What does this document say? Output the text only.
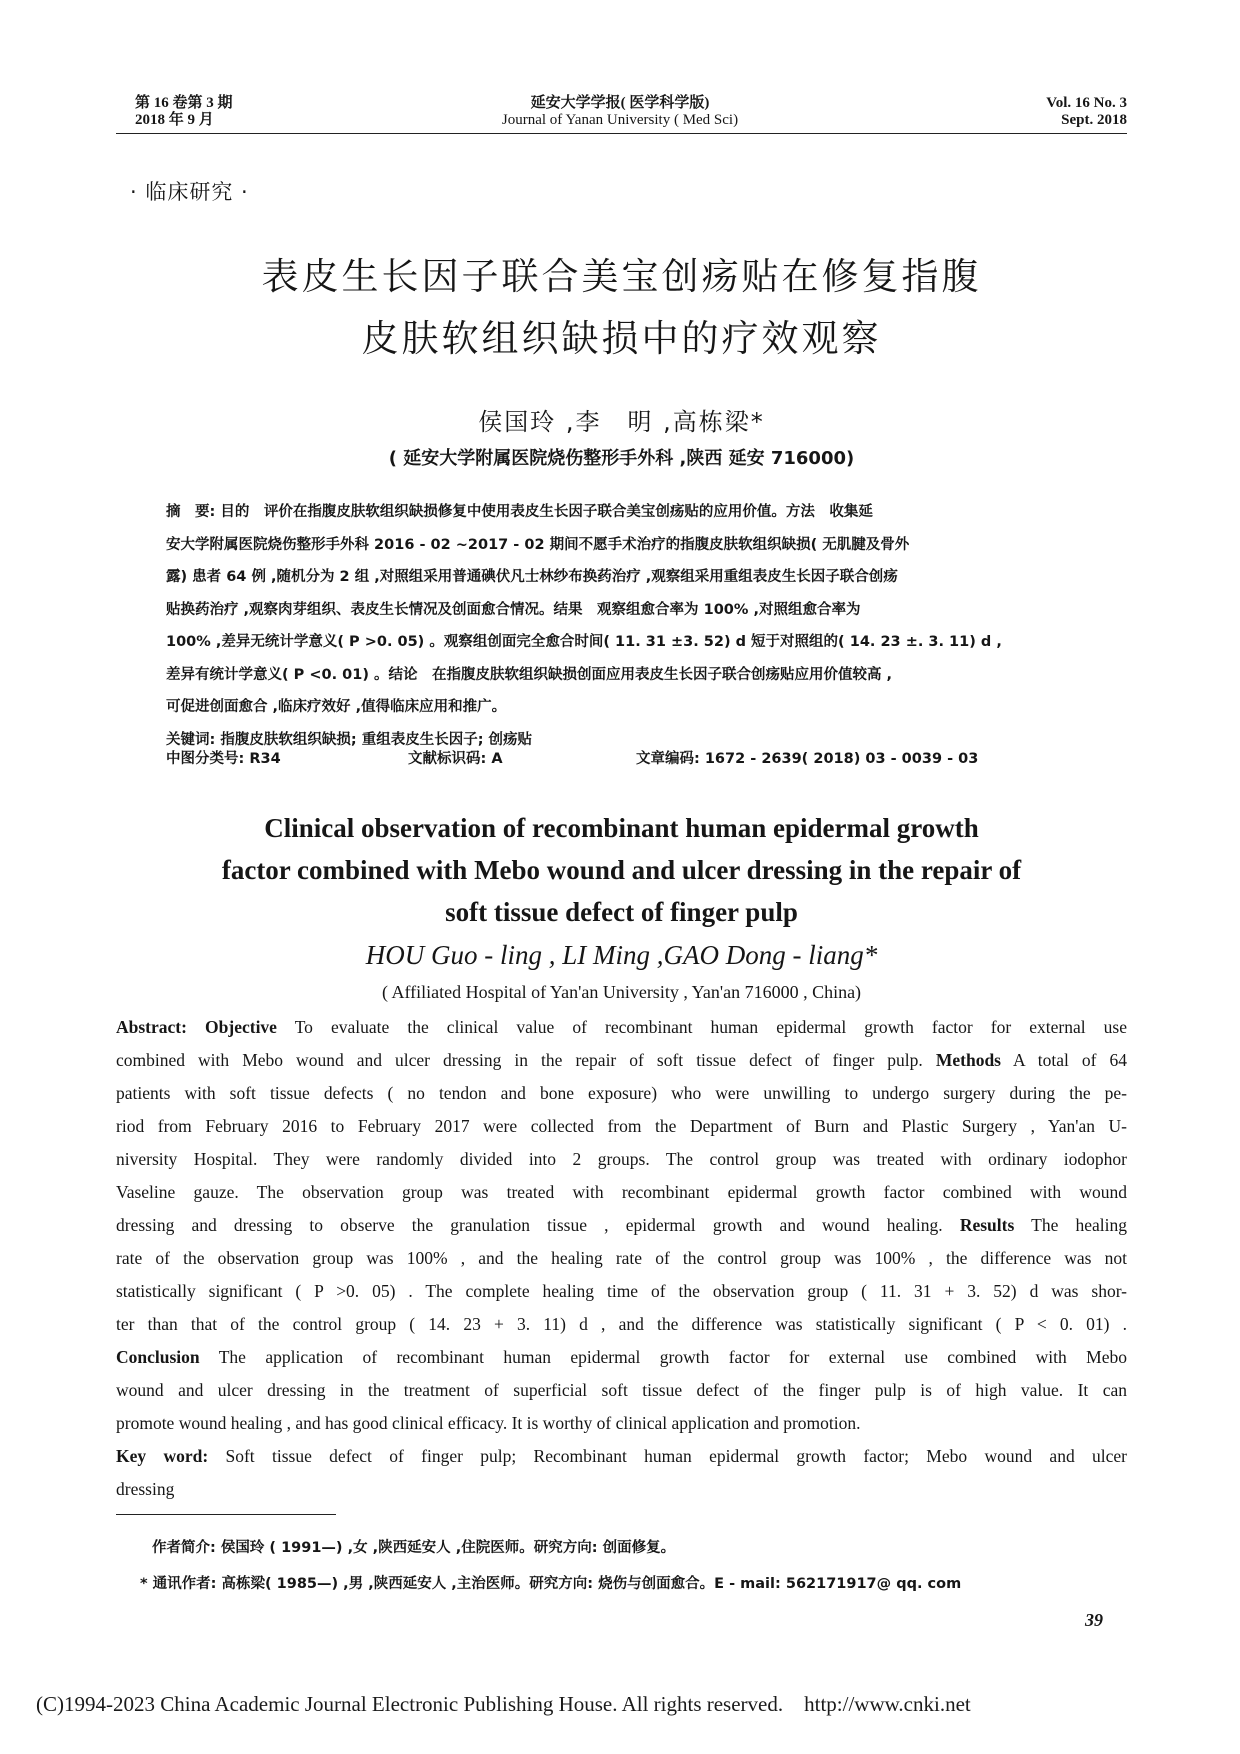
第 16 卷第 3 期
2018 年 9 月
延安大学学报( 医学科学版)
Journal of Yanan University ( Med Sci)
Vol. 16 No. 3
Sept. 2018
· 临床研究 ·
表皮生长因子联合美宝创疡贴在修复指腹
皮肤软组织缺损中的疗效观察
侯国玲 ,李　明 ,高栋梁*
( 延安大学附属医院烧伤整形手外科 ,陕西 延安 716000)
摘　要: 目的　评价在指腹皮肤软组织缺损修复中使用表皮生长因子联合美宝创疡贴的应用价值。方法　收集延
安大学附属医院烧伤整形手外科 2016 - 02 ~2017 - 02 期间不愿手术治疗的指腹皮肤软组织缺损( 无肌腱及骨外
露) 患者 64 例 ,随机分为 2 组 ,对照组采用普通碘伏凡士林纱布换药治疗 ,观察组采用重组表皮生长因子联合创疡
贴换药治疗 ,观察肉芽组织、表皮生长情况及创面愈合情况。结果　观察组愈合率为 100% ,对照组愈合率为
100% ,差异无统计学意义( P >0. 05) 。观察组创面完全愈合时间( 11. 31 ±3. 52) d 短于对照组的( 14. 23 ±. 3. 11) d ,
差异有统计学意义( P <0. 01) 。结论　在指腹皮肤软组织缺损创面应用表皮生长因子联合创疡贴应用价值较高 ,
可促进创面愈合 ,临床疗效好 ,值得临床应用和推广。
关键词: 指腹皮肤软组织缺损; 重组表皮生长因子; 创疡贴
中图分类号: R34	文献标识码: A	文章编码: 1672 - 2639( 2018) 03 - 0039 - 03
Clinical observation of recombinant human epidermal growth
factor combined with Mebo wound and ulcer dressing in the repair of
soft tissue defect of finger pulp
HOU Guo - ling , LI Ming ,GAO Dong - liang*
( Affiliated Hospital of Yan'an University , Yan'an 716000 , China)
Abstract: Objective To evaluate the clinical value of recombinant human epidermal growth factor for external use
combined with Mebo wound and ulcer dressing in the repair of soft tissue defect of finger pulp. Methods A total of 64
patients with soft tissue defects ( no tendon and bone exposure) who were unwilling to undergo surgery during the pe-
riod from February 2016 to February 2017 were collected from the Department of Burn and Plastic Surgery , Yan'an U-
niversity Hospital. They were randomly divided into 2 groups. The control group was treated with ordinary iodophor
Vaseline gauze. The observation group was treated with recombinant epidermal growth factor combined with wound
dressing and dressing to observe the granulation tissue , epidermal growth and wound healing. Results The healing
rate of the observation group was 100% , and the healing rate of the control group was 100% , the difference was not
statistically significant ( P >0. 05) . The complete healing time of the observation group ( 11. 31 + 3. 52) d was shor-
ter than that of the control group ( 14. 23 + 3. 11) d , and the difference was statistically significant ( P < 0. 01) .
Conclusion The application of recombinant human epidermal growth factor for external use combined with Mebo
wound and ulcer dressing in the treatment of superficial soft tissue defect of the finger pulp is of high value. It can
promote wound healing , and has good clinical efficacy. It is worthy of clinical application and promotion.
Key word: Soft tissue defect of finger pulp; Recombinant human epidermal growth factor; Mebo wound and ulcer
dressing
作者简介: 侯国玲 ( 1991—) ,女 ,陕西延安人 ,住院医师。研究方向: 创面修复。
* 通讯作者: 高栋梁( 1985—) ,男 ,陕西延安人 ,主治医师。研究方向: 烧伤与创面愈合。E - mail: 562171917@ qq. com
39
(C)1994-2023 China Academic Journal Electronic Publishing House. All rights reserved.　http://www.cnki.net
